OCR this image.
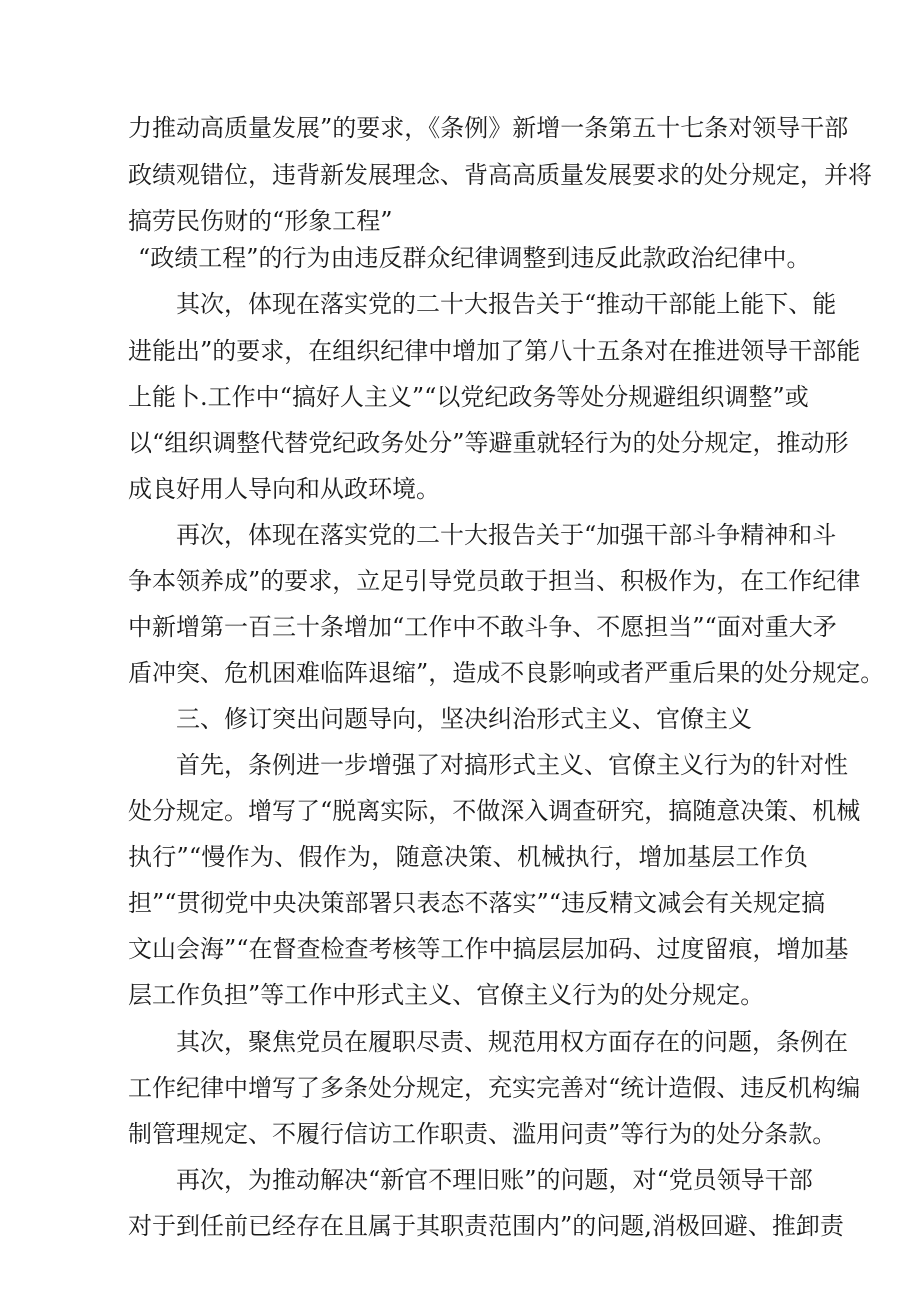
力推动高质量发展”的要求，《条例》新增一条第五十七条对领导干部
政绩观错位，违背新发展理念、背高高质量发展要求的处分规定，并将
搞劳民伤财的“形象工程”
“政绩工程”的行为由违反群众纪律调整到违反此款政治纪律中。
其次，体现在落实党的二十大报告关于“推动干部能上能下、能
进能出”的要求，在组织纪律中增加了第八十五条对在推进领导干部能
上能卜.工作中“搞好人主义”“以党纪政务等处分规避组织调整”或
以“组织调整代替党纪政务处分”等避重就轻行为的处分规定，推动形
成良好用人导向和从政环境。
再次，体现在落实党的二十大报告关于“加强干部斗争精神和斗
争本领养成”的要求，立足引导党员敢于担当、积极作为，在工作纪律
中新增第一百三十条增加“工作中不敢斗争、不愿担当”“面对重大矛
盾冲突、危机困难临阵退缩”，造成不良影响或者严重后果的处分规定。
三、修订突出问题导向，坚决纠治形式主义、官僚主义
首先，条例进一步增强了对搞形式主义、官僚主义行为的针对性
处分规定。增写了“脱离实际，不做深入调查研究，搞随意决策、机械
执行”“慢作为、假作为，随意决策、机械执行，增加基层工作负
担”“贯彻党中央决策部署只表态不落实”“违反精文减会有关规定搞
文山会海”“在督查检查考核等工作中搞层层加码、过度留痕，增加基
层工作负担”等工作中形式主义、官僚主义行为的处分规定。
其次，聚焦党员在履职尽责、规范用权方面存在的问题，条例在
工作纪律中增写了多条处分规定，充实完善对“统计造假、违反机构编
制管理规定、不履行信访工作职责、滥用问责”等行为的处分条款。
再次，为推动解决“新官不理旧账”的问题，对“党员领导干部
对于到任前已经存在且属于其职责范围内”的问题,消极回避、推卸责
